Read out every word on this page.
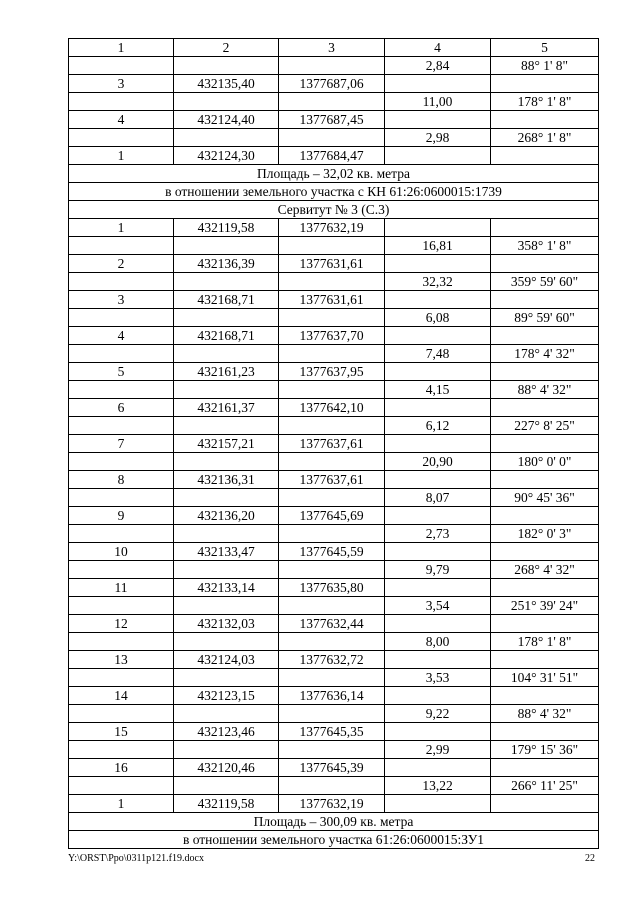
1	2	3	4	5
			2,84	88° 1' 8"
3	432135,40	1377687,06		
			11,00	178° 1' 8"
4	432124,40	1377687,45		
			2,98	268° 1' 8"
1	432124,30	1377684,47		
Площадь – 32,02 кв. метра				
в отношении земельного участка с КН 61:26:0600015:1739				
Сервитут № 3 (С.3)				
1	432119,58	1377632,19		
			16,81	358° 1' 8"
2	432136,39	1377631,61		
			32,32	359° 59' 60"
3	432168,71	1377631,61		
			6,08	89° 59' 60"
4	432168,71	1377637,70		
			7,48	178° 4' 32"
5	432161,23	1377637,95		
			4,15	88° 4' 32"
6	432161,37	1377642,10		
			6,12	227° 8' 25"
7	432157,21	1377637,61		
			20,90	180° 0' 0"
8	432136,31	1377637,61		
			8,07	90° 45' 36"
9	432136,20	1377645,69		
			2,73	182° 0' 3"
10	432133,47	1377645,59		
			9,79	268° 4' 32"
11	432133,14	1377635,80		
			3,54	251° 39' 24"
12	432132,03	1377632,44		
			8,00	178° 1' 8"
13	432124,03	1377632,72		
			3,53	104° 31' 51"
14	432123,15	1377636,14		
			9,22	88° 4' 32"
15	432123,46	1377645,35		
			2,99	179° 15' 36"
16	432120,46	1377645,39		
			13,22	266° 11' 25"
1	432119,58	1377632,19		
Площадь – 300,09 кв. метра				
в отношении земельного участка 61:26:0600015:ЗУ1				
Y:\ORST\Ppo\0311p121.f19.docx	22
